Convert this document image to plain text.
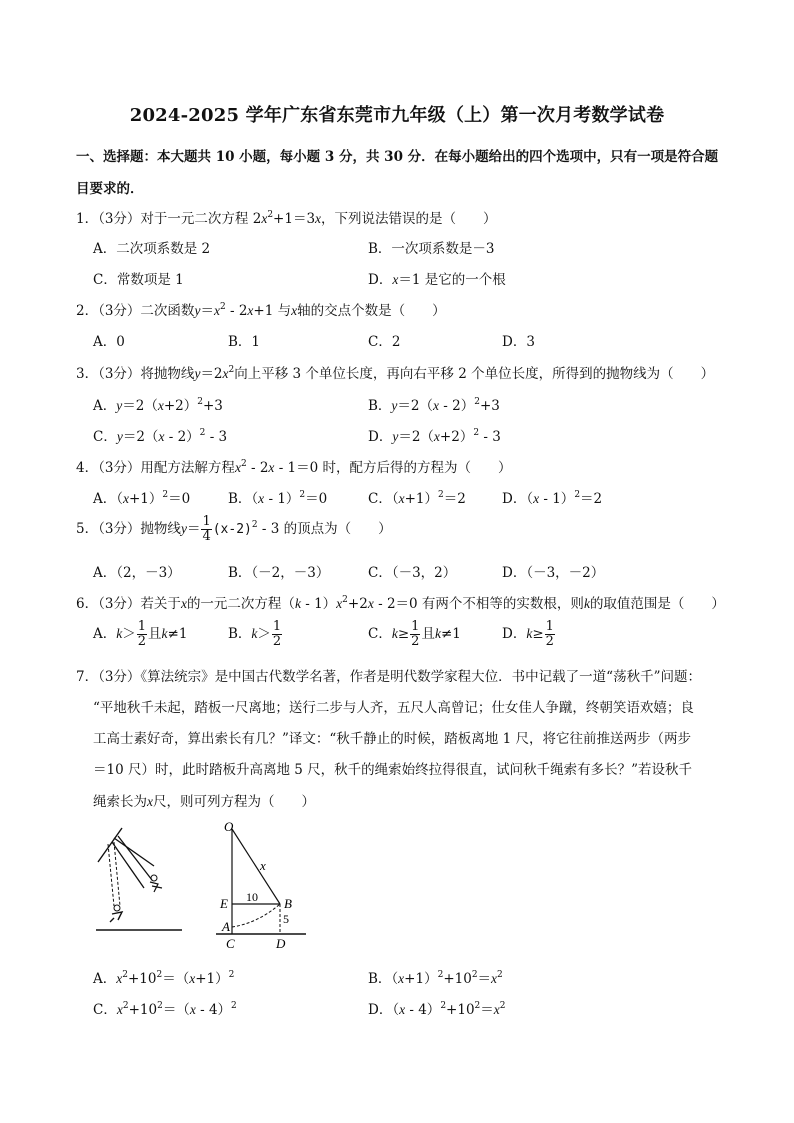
2024-2025 学年广东省东莞市九年级（上）第一次月考数学试卷
一、选择题：本大题共 10 小题，每小题 3 分，共 30 分．在每小题给出的四个选项中，只有一项是符合题
目要求的．
1．（3分）对于一元二次方程 $2x^2+1=3x$，下列说法错误的是（　　）
A．二次项系数是 2	B．一次项系数是－3
C．常数项是 1	D．x＝1 是它的一个根
2．（3分）二次函数$y=x^2 - 2x+1$ 与x轴的交点个数是（　　）
A．0	B．1	C．2	D．3
3．（3分）将抛物线$y=2x^2$向上平移 3 个单位长度，再向右平移 2 个单位长度，所得到的抛物线为（　　）
A．$y=2(x+2)^2+3$	B．y＝2（x - 2）$^2$+3
C．y＝2（x - 2）$^2$ - 3	D．$y=2(x+2)^2 - 3$
4．（3分）用配方法解方程$x^2 - 2x - 1=0$ 时，配方后得的方程为（　　）
A．$(x+1)^2=0$	B．（x - 1）$^2$＝0	C．$(x+1)^2=2$	D．（x - 1）$^2$＝2
5．（3分）抛物线$y= \frac{1}{4} (x-2)^2 - 3$ 的顶点为（　　）
A．（2，－3）	B．（－2，－3）	C．（－3，2）	D．（－3，－2）
6．（3分）若关于x的一元二次方程$(k - 1)x^2+2x - 2=0$ 有两个不相等的实数根，则k的取值范围是（　　）
A．$k> \frac{1}{2}$ 且k≠1	B．$k> \frac{1}{2}$	C．$k\ge \frac{1}{2}$ 且k≠1	D．$k\ge \frac{1}{2}$
7．（3分）《算法统宗》是中国古代数学名著，作者是明代数学家程大位．书中记载了一道“荡秋千”问题：
“平地秋千未起，踏板一尺离地；送行二步与人齐，五尺人高曾记；仕女佳人争蹴，终朝笑语欢嬉；良
工高士素好奇，算出索长有几？”译文：“秋千静止的时候，踏板离地 1 尺，将它往前推送两步（两步
＝10 尺）时，此时踏板升高离地 5 尺，秋千的绳索始终拉得很直，试问秋千绳索有多长？”若设秋千
绳索长为x尺，则可列方程为（　　）
O
x
10
E	B
A	5
C	D
A．$x^2+10^2=(x+1)^2$	B．$(x+1)^2+10^2=x^2$
C．$x^2+10^2=(x - 4)^2$	D．$(x - 4)^2+10^2=x^2$
